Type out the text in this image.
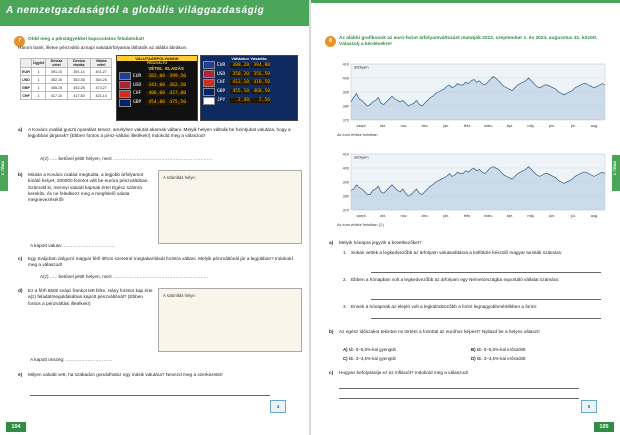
A nemzetgazdaságtól a globális világgazdaságig
2. TÉMA
7	Oldd meg a pénzügyekkel kapcsolatos feladatokat!
Három bank, illetve pénzváltó aznapi valutaárfolyamai láthatók az alábbi ábrákon.
	Ügylet	Deviza vétel	Deviza eladás	Valuta vétel
EUR	1	391,10	391,14	401,27
USD	1	352,10	352,38	364,25
GBP	1	455,15	452,28	473,27
CHF	1	417,10	417,50	421,14
VALUTAÁRFOLYAMOK
PÉNZVÁLTÓ
VÉTEL ELADÁS
EUR	382,00 399,50
USD	343,00 362,50
CHF	406,00 427,00
GBP	454,00 475,50
Váltáskor Vásárlás
EUR	388,20 394,80
USD	350,20 356,50
CHF	413,10 418,50
GBP	455,10 460,50
JPY	2,48	2,56
a) A Kovács család guszti nyaralást tervez, amelyhez valutát akarnak váltani. Melyik helyen váltsák be forintjukat valutára, hogy a legjobban járjanak? (Ebben fontos a pénz-váltási illetékek!) Indokold meg a válaszod!
A(z) ….. betűvel jelölt helyen, mert ……………………………………………………….
b) Miután a Kovács család megtudta, a legjobb árfolyamot kínáló helyet, 200000 forintot vált be euróra pénzváltóban. Számold ki, mennyi valutát kapnak érte! Egész számra kerekíts, és ne feledkezz meg a megfelelő valuta megnevezéséről!
A számítás helye:
A kapott valuta: ……………………………
c) Egy Svájcban dolgozó magyar férfi itthon szeretné megtakarítását forintra váltani. Melyik pénzváltónál jár a legjobban? Indokold meg a válaszod!
A(z) ….. betűvel jelölt helyen, mert …………………………………………………….
d) Ez a férfi 6500 svájci frankot tett félre. Hány forintot kap érte a(z) feladatmegoldásában kapott pénzváltónál? (Ebben fontos a pénzváltási illetékek!)
A számítás helye:
A kapott összeg: …………………………
e) Milyen valutát vett, ha szabadon gondolhatsz egy másik valutára? Nevezd meg a szerkezetet!
4
104
2. TÉMA
8	Az alábbi grafikonok az euró-forint árfolyamváltozást mutatják 2023. szeptember 1. és 2024. augusztus 31. között. Válaszolj a kérdésekre!
370
380
390
400
410
árfolyam
szept.	okt.	nov.	dec.	jan.	febr.	márc.	ápr.	máj.	jún.	júl.	aug.
Az euró értéke forintban
370
380
390
400
410
árfolyam
szept.	okt.	nov.	dec.	jan.	febr.	márc.	ápr.	máj.	jún.	júl.	aug.
Az euró értéke forintban (2.)
a) Melyik hónapra jegyzik a következőket?
1. Sokan vették a legkedvezőbb az árfolyam valutaváltásra a külföldre készülő magyar turisták számára:
2. Ebben a hónapban volt a legkedvezőbb az árfolyam egy Németországba exportáló vállalat számára:
3. Ennek a hónapnak az elején volt a legkülönbözőbb a forint legnagyobbmértékben a forint:
b) Az egész időszakot tekintve mi történt a forinttal az euróhoz képest? Nyilazd be a helyes választ!
A) kb. 5–5,5%-kal gyengült	B) kb. 5–5,5%-kal erősödött
C) kb. 3–3,5%-kal gyengült	D) kb. 3–3,5%-kal erősödött
c) Hogyan befolyásolja ez az inflációt? Indokold meg a válaszod!
5
105
